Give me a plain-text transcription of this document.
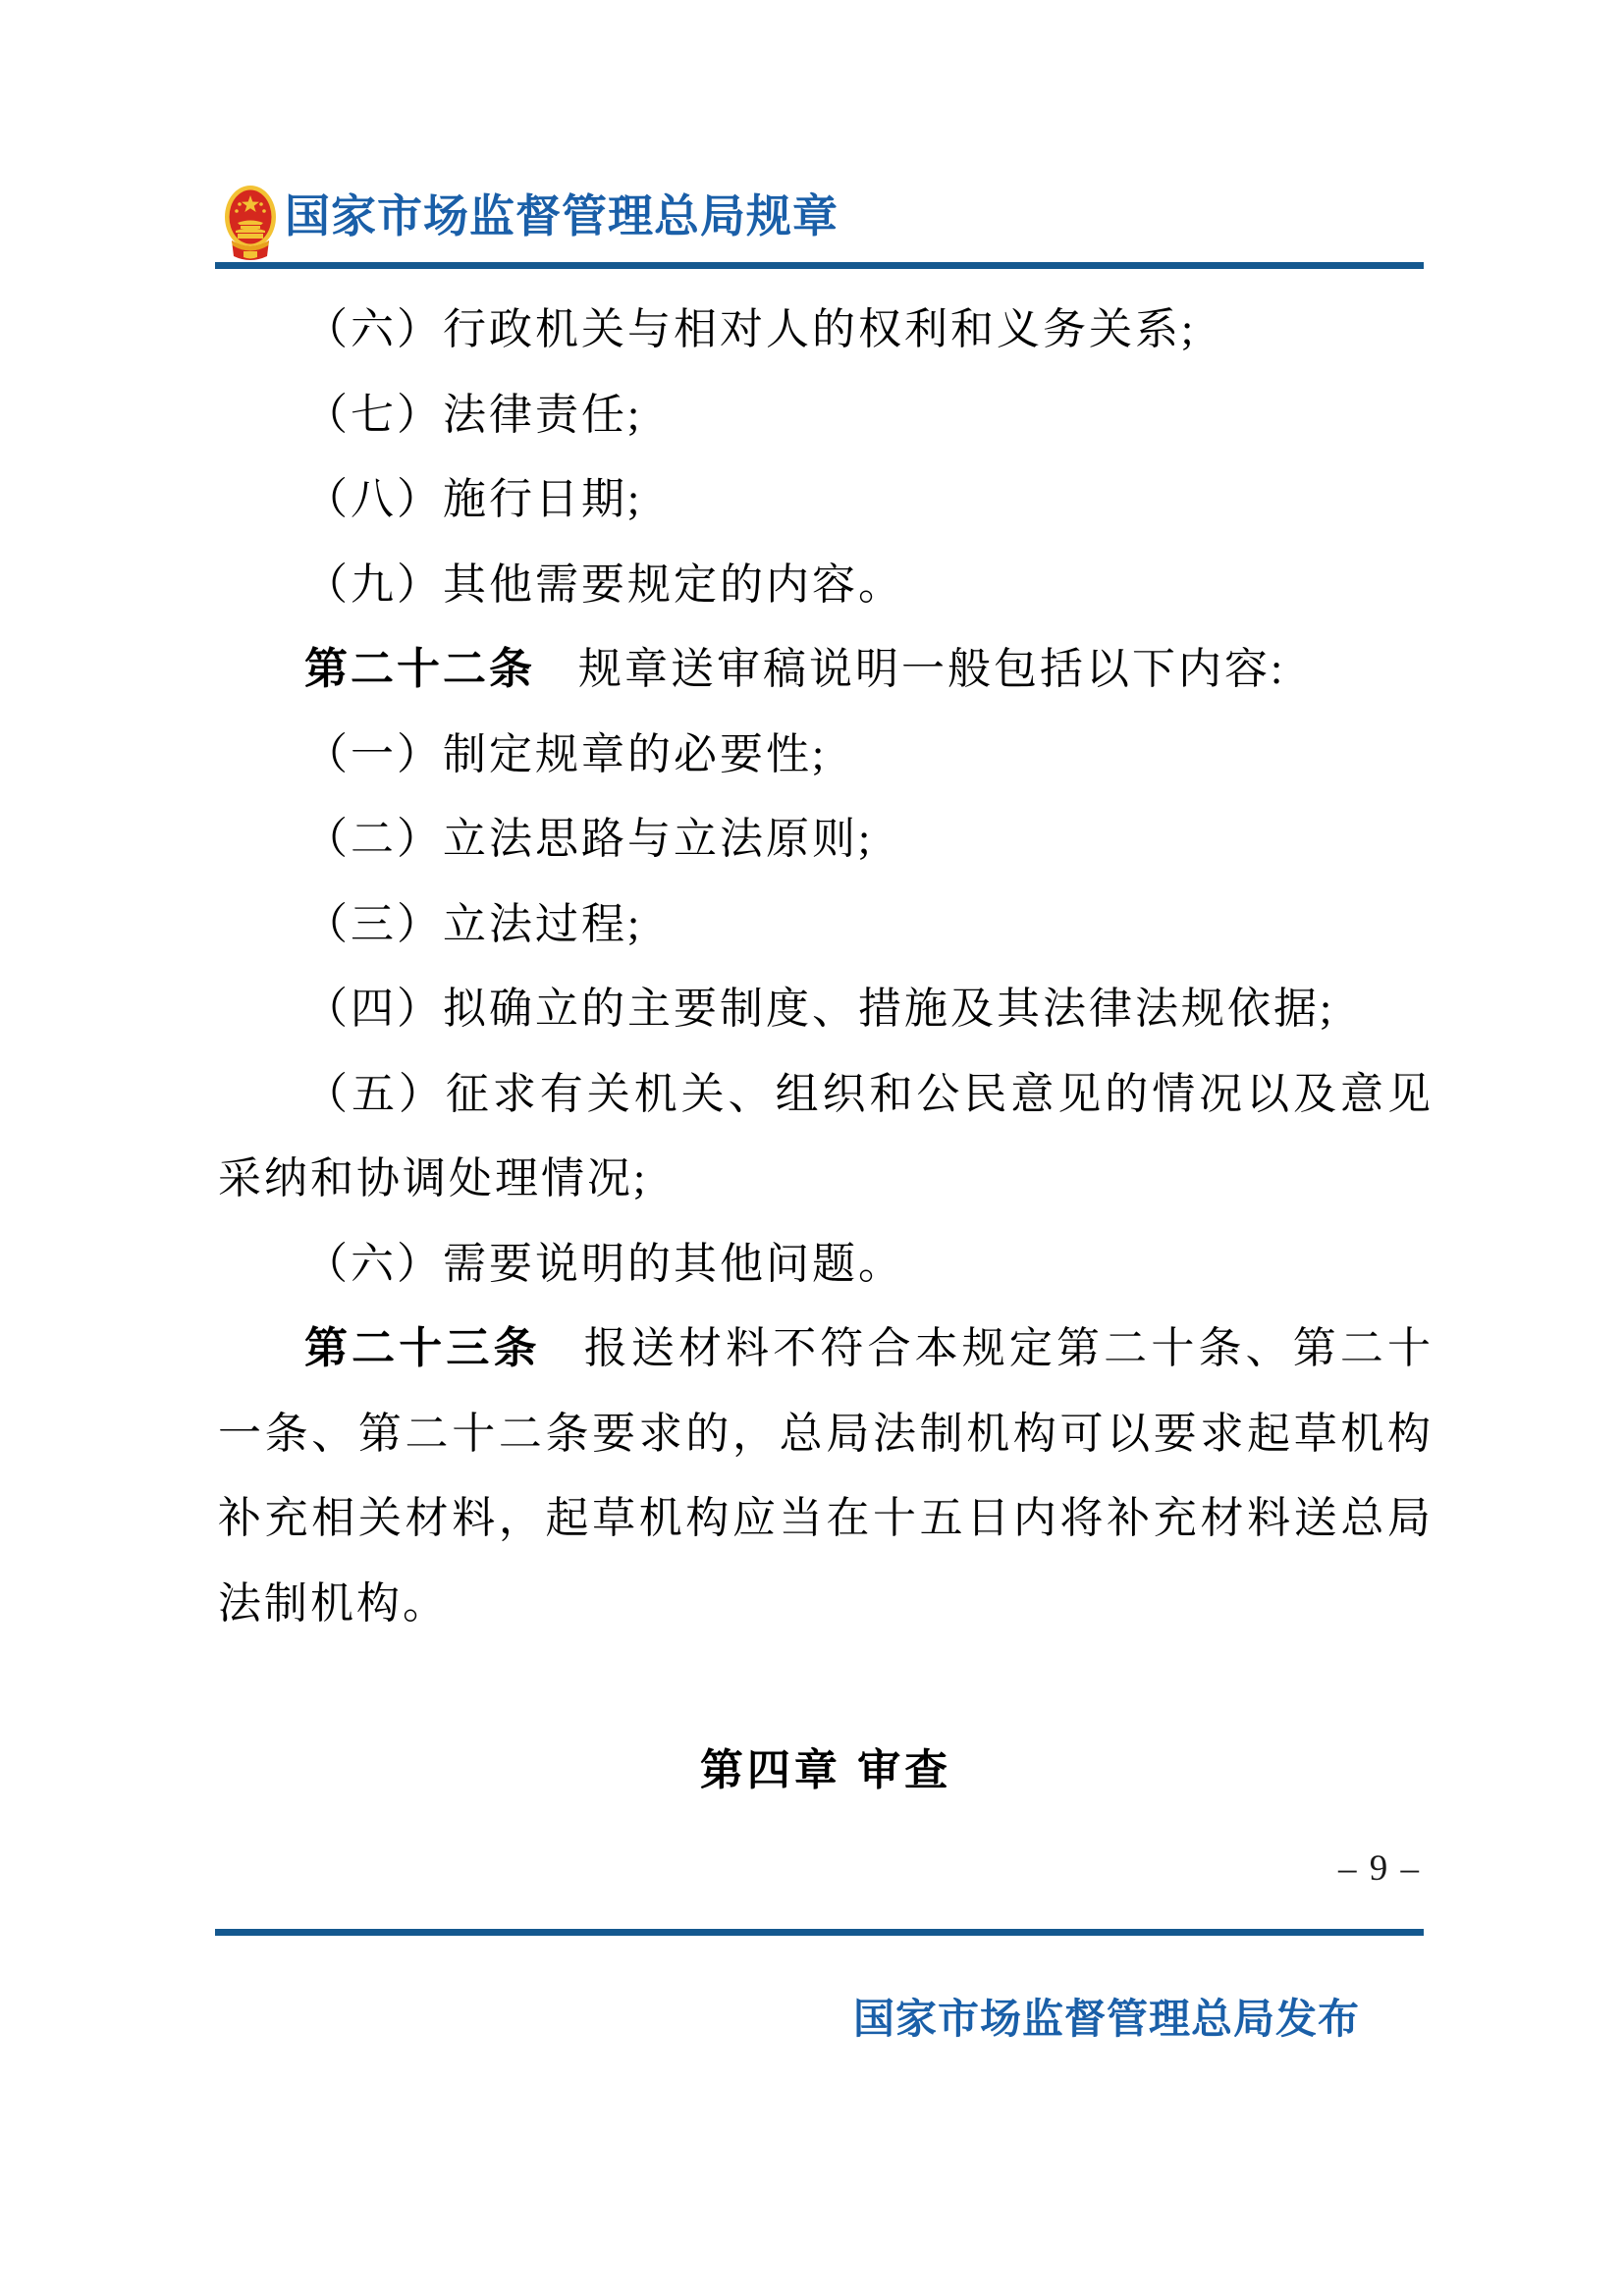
国家市场监督管理总局规章

（六）行政机关与相对人的权利和义务关系;

（七）法律责任;

（八）施行日期;

（九）其他需要规定的内容。

第二十二条 规章送审稿说明一般包括以下内容:

（一）制定规章的必要性;

（二）立法思路与立法原则;

（三）立法过程;

（四）拟确立的主要制度、措施及其法律法规依据;

（五）征求有关机关、组织和公民意见的情况以及意见采纳和协调处理情况;

（六）需要说明的其他问题。

第二十三条 报送材料不符合本规定第二十条、第二十一条、第二十二条要求的，总局法制机构可以要求起草机构补充相关材料，起草机构应当在十五日内将补充材料送总局法制机构。

第四章 审查
– 9 –
国家市场监督管理总局发布
